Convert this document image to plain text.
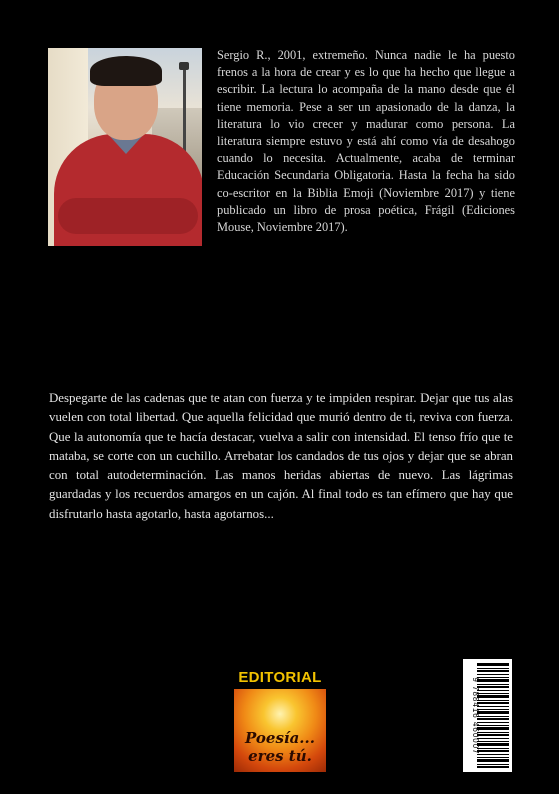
Sergio R., 2001, extremeño. Nunca nadie le ha puesto frenos a la hora de crear y es lo que ha hecho que llegue a escribir. La lectura lo acompaña de la mano desde que él tiene memoria. Pese a ser un apasionado de la danza, la literatura lo vio crecer y madurar como persona. La literatura siempre estuvo y está ahí como vía de desahogo cuando lo necesita. Actualmente, acaba de terminar Educación Secundaria Obligatoria. Hasta la fecha ha sido co-escritor en la Biblia Emoji (Noviembre 2017) y tiene publicado un libro de prosa poética, Frágil (Ediciones Mouse, Noviembre 2017).

Despegarte de las cadenas que te atan con fuerza y te impiden respirar. Dejar que tus alas vuelen con total libertad. Que aquella felicidad que murió dentro de ti, reviva con fuerza. Que la autonomía que te hacía destacar, vuelva a salir con intensidad. El tenso frío que te mataba, se corte con un cuchillo. Arrebatar los candados de tus ojos y dejar que se abran con total autodeterminación. Las manos heridas abiertas de nuevo. Las lágrimas guardadas y los recuerdos amargos en un cajón. Al final todo es tan efímero que hay que disfrutarlo hasta agotarlo, hasta agotarnos...

EDITORIAL
Poesía...
eres tú.
9 788416 460007
